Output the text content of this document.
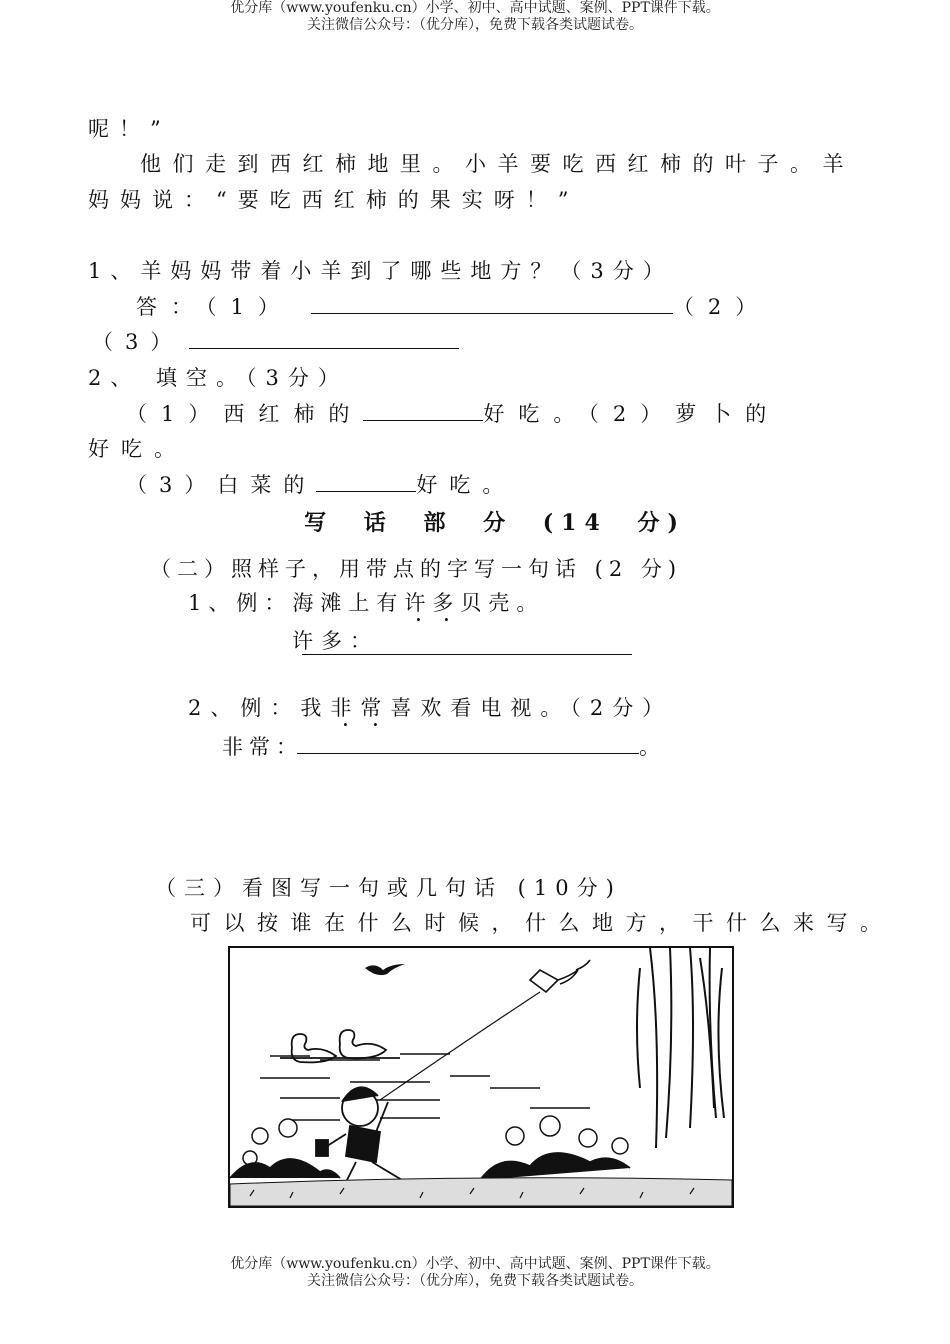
优分库（www.youfenku.cn）小学、初中、高中试题、案例、PPT课件下载。
关注微信公众号：（优分库），免费下载各类试题试卷。
呢！”
他们走到西红柿地里。小羊要吃西红柿的叶子。羊
妈妈说：“要吃西红柿的果实呀！”
1、羊妈妈带着小羊到了哪些地方？（3分）
答：（1）	（2）
（3）
2、 填空。（3分）
（1）西红柿的	好吃。（2）萝卜的
好吃。
（3）白菜的	好吃。
写 话 部 分 (14 分)
（二）照样子，用带点的字写一句话 (2 分)
1、例：海滩上有许多贝壳。
许多：
2、例：我非常喜欢看电视。（2分）
非常：	。
（三）看图写一句或几句话 (10分)
可以按谁在什么时候，什么地方，干什么来写。
优分库（www.youfenku.cn）小学、初中、高中试题、案例、PPT课件下载。
关注微信公众号：（优分库），免费下载各类试题试卷。
